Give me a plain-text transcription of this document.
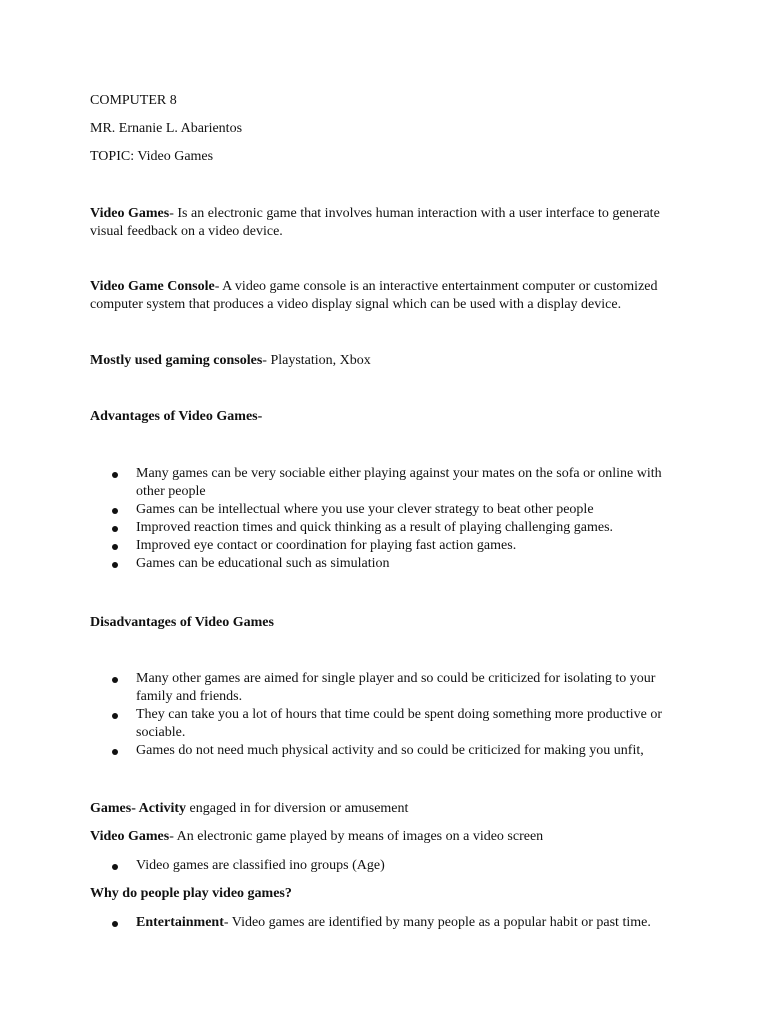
COMPUTER 8

MR. Ernanie L. Abarientos

TOPIC: Video Games

Video Games- Is an electronic game that involves human interaction with a user interface to generate visual feedback on a video device.

Video Game Console- A video game console is an interactive entertainment computer or customized computer system that produces a video display signal which can be used with a display device.

Mostly used gaming consoles- Playstation, Xbox

Advantages of Video Games-

Many games can be very sociable either playing against your mates on the sofa or online with other people
Games can be intellectual where you use your clever strategy to beat other people
Improved reaction times and quick thinking as a result of playing challenging games.
Improved eye contact or coordination for playing fast action games.
Games can be educational such as simulation

Disadvantages of Video Games

Many other games are aimed for single player and so could be criticized for isolating to your family and friends.
They can take you a lot of hours that time could be spent doing something more productive or sociable.
Games do not need much physical activity and so could be criticized for making you unfit,

Games- Activity engaged in for diversion or amusement

Video Games- An electronic game played by means of images on a video screen

Video games are classified ino groups (Age)

Why do people play video games?

Entertainment- Video games are identified by many people as a popular habit or past time.
